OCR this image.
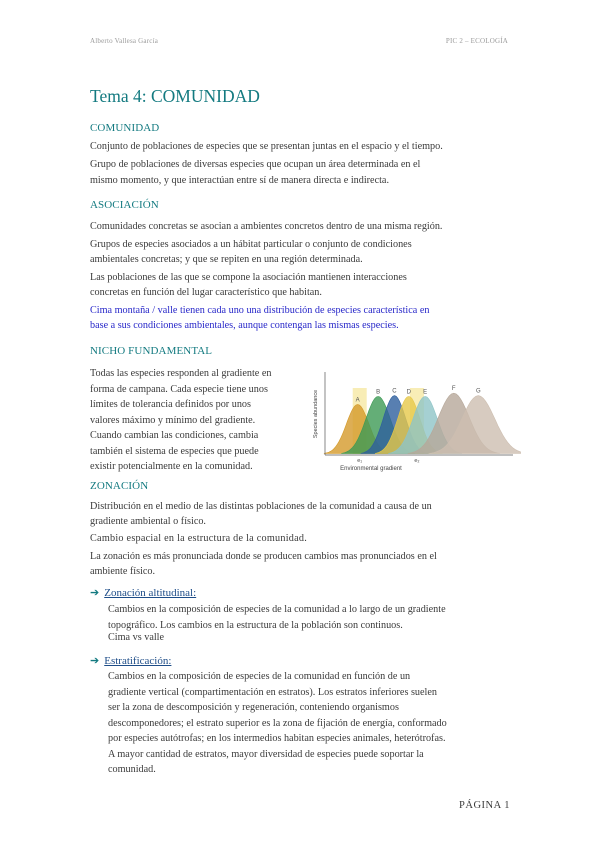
Alberto Vallesa García	PIC 2 – ECOLOGÍA
Tema 4: COMUNIDAD
COMUNIDAD
Conjunto de poblaciones de especies que se presentan juntas en el espacio y el tiempo.
Grupo de poblaciones de diversas especies que ocupan un área determinada en el
mismo momento, y que interactúan entre sí de manera directa e indirecta.
ASOCIACIÓN
Comunidades concretas se asocian a ambientes concretos dentro de una misma región.
Grupos de especies asociados a un hábitat particular o conjunto de condiciones
ambientales concretas; y que se repiten en una región determinada.
Las poblaciones de las que se compone la asociación mantienen interacciones
concretas en función del lugar característico que habitan.
Cima montaña / valle tienen cada uno una distribución de especies característica en
base a sus condiciones ambientales, aunque contengan las mismas especies.
NICHO FUNDAMENTAL
Todas las especies responden al gradiente en
forma de campana. Cada especie tiene unos
límites de tolerancia definidos por unos
valores máximo y mínimo del gradiente.
Cuando cambian las condiciones, cambia
también el sistema de especies que puede
existir potencialmente en la comunidad.
Species abundance
Environmental gradient
A
B C D E
F	G
e₁	e₂
ZONACIÓN
Distribución en el medio de las distintas poblaciones de la comunidad a causa de un
gradiente ambiental o físico.
Cambio espacial en la estructura de la comunidad.
La zonación es más pronunciada donde se producen cambios mas pronunciados en el
ambiente físico.
➔ Zonación altitudinal:
Cambios en la composición de especies de la comunidad a lo largo de un gradiente
topográfico. Los cambios en la estructura de la población son continuos.
Cima vs valle
➔ Estratificación:
Cambios en la composición de especies de la comunidad en función de un
gradiente vertical (compartimentación en estratos). Los estratos inferiores suelen
ser la zona de descomposición y regeneración, conteniendo organismos
descomponedores; el estrato superior es la zona de fijación de energía, conformado
por especies autótrofas; en los intermedios habitan especies animales, heterótrofas.
A mayor cantidad de estratos, mayor diversidad de especies puede soportar la
comunidad.
PÁGINA 1
